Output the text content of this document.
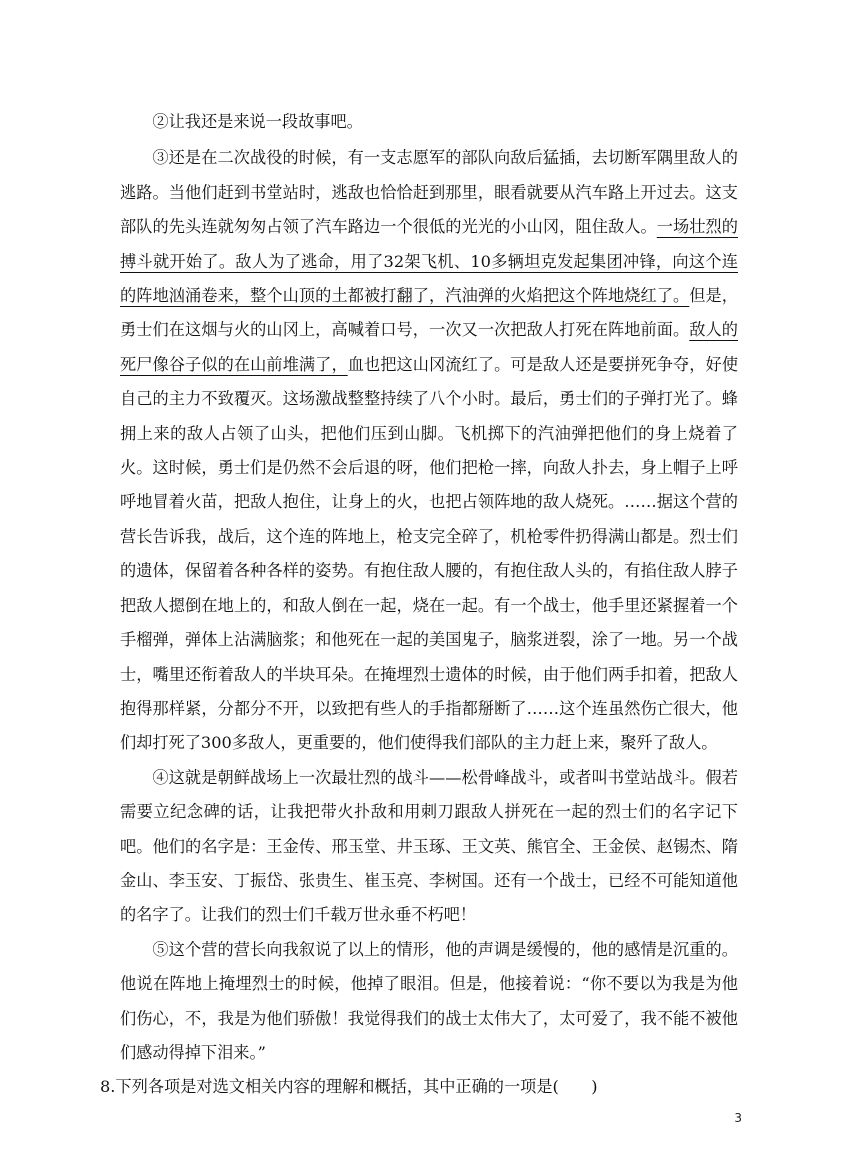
②让我还是来说一段故事吧。

③还是在二次战役的时候，有一支志愿军的部队向敌后猛插，去切断军隅里敌人的逃路。当他们赶到书堂站时，逃敌也恰恰赶到那里，眼看就要从汽车路上开过去。这支部队的先头连就匆匆占领了汽车路边一个很低的光光的小山冈，阻住敌人。一场壮烈的搏斗就开始了。敌人为了逃命，用了32架飞机、10多辆坦克发起集团冲锋，向这个连的阵地汹涌卷来，整个山顶的土都被打翻了，汽油弹的火焰把这个阵地烧红了。但是，勇士们在这烟与火的山冈上，高喊着口号，一次又一次把敌人打死在阵地前面。敌人的死尸像谷子似的在山前堆满了，血也把这山冈流红了。可是敌人还是要拼死争夺，好使自己的主力不致覆灭。这场激战整整持续了八个小时。最后，勇士们的子弹打光了。蜂拥上来的敌人占领了山头，把他们压到山脚。飞机掷下的汽油弹把他们的身上烧着了火。这时候，勇士们是仍然不会后退的呀，他们把枪一摔，向敌人扑去，身上帽子上呼呼地冒着火苗，把敌人抱住，让身上的火，也把占领阵地的敌人烧死。……据这个营的营长告诉我，战后，这个连的阵地上，枪支完全碎了，机枪零件扔得满山都是。烈士们的遗体，保留着各种各样的姿势。有抱住敌人腰的，有抱住敌人头的，有掐住敌人脖子把敌人摁倒在地上的，和敌人倒在一起，烧在一起。有一个战士，他手里还紧握着一个手榴弹，弹体上沾满脑浆；和他死在一起的美国鬼子，脑浆迸裂，涂了一地。另一个战士，嘴里还衔着敌人的半块耳朵。在掩埋烈士遗体的时候，由于他们两手扣着，把敌人抱得那样紧，分都分不开，以致把有些人的手指都掰断了……这个连虽然伤亡很大，他们却打死了300多敌人，更重要的，他们使得我们部队的主力赶上来，聚歼了敌人。

④这就是朝鲜战场上一次最壮烈的战斗——松骨峰战斗，或者叫书堂站战斗。假若需要立纪念碑的话，让我把带火扑敌和用刺刀跟敌人拼死在一起的烈士们的名字记下吧。他们的名字是：王金传、邢玉堂、井玉琢、王文英、熊官全、王金侯、赵锡杰、隋金山、李玉安、丁振岱、张贵生、崔玉亮、李树国。还有一个战士，已经不可能知道他的名字了。让我们的烈士们千载万世永垂不朽吧！

⑤这个营的营长向我叙说了以上的情形，他的声调是缓慢的，他的感情是沉重的。他说在阵地上掩埋烈士的时候，他掉了眼泪。但是，他接着说：“你不要以为我是为他们伤心，不，我是为他们骄傲！我觉得我们的战士太伟大了，太可爱了，我不能不被他们感动得掉下泪来。”

8.下列各项是对选文相关内容的理解和概括，其中正确的一项是(　　)

3
